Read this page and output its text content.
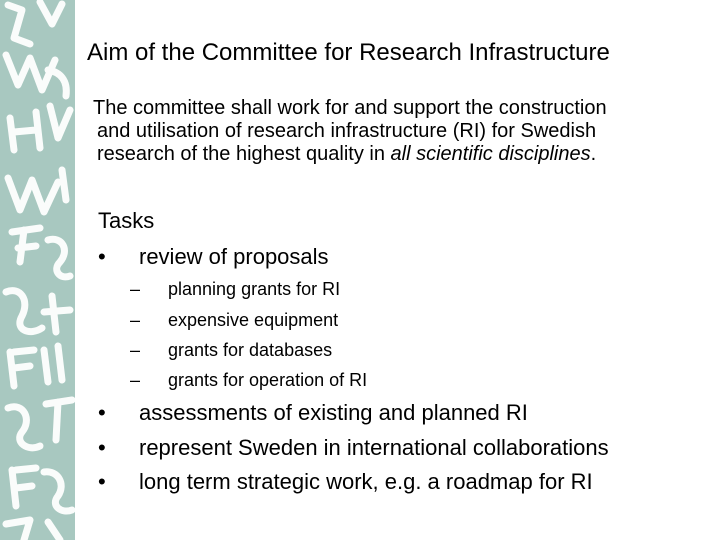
Aim of the Committee for Research Infrastructure
The committee shall work for and support the construction
and utilisation of research infrastructure (RI) for Swedish
research of the highest quality in all scientific disciplines.
Tasks
• review of proposals
– planning grants for RI
– expensive equipment
– grants for databases
– grants for operation of RI
• assessments of existing and planned RI
• represent Sweden in international collaborations
• long term strategic work, e.g. a roadmap for RI
